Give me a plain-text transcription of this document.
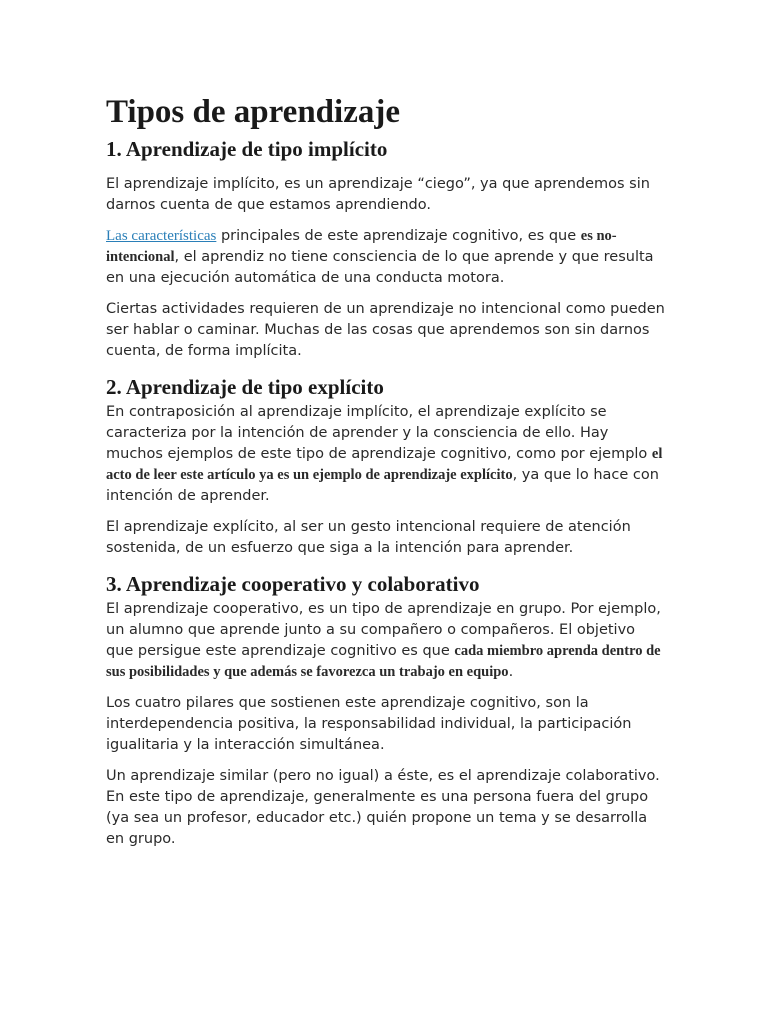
Tipos de aprendizaje
1. Aprendizaje de tipo implícito

El aprendizaje implícito, es un aprendizaje “ciego”, ya que aprendemos sin darnos cuenta de que estamos aprendiendo.

Las características principales de este aprendizaje cognitivo, es que es no-intencional, el aprendiz no tiene consciencia de lo que aprende y que resulta en una ejecución automática de una conducta motora.

Ciertas actividades requieren de un aprendizaje no intencional como pueden ser hablar o caminar. Muchas de las cosas que aprendemos son sin darnos cuenta, de forma implícita.

2. Aprendizaje de tipo explícito

En contraposición al aprendizaje implícito, el aprendizaje explícito se caracteriza por la intención de aprender y la consciencia de ello. Hay muchos ejemplos de este tipo de aprendizaje cognitivo, como por ejemplo el acto de leer este artículo ya es un ejemplo de aprendizaje explícito, ya que lo hace con intención de aprender.

El aprendizaje explícito, al ser un gesto intencional requiere de atención sostenida, de un esfuerzo que siga a la intención para aprender.

3. Aprendizaje cooperativo y colaborativo

El aprendizaje cooperativo, es un tipo de aprendizaje en grupo. Por ejemplo, un alumno que aprende junto a su compañero o compañeros. El objetivo que persigue este aprendizaje cognitivo es que cada miembro aprenda dentro de sus posibilidades y que además se favorezca un trabajo en equipo.

Los cuatro pilares que sostienen este aprendizaje cognitivo, son la interdependencia positiva, la responsabilidad individual, la participación igualitaria y la interacción simultánea.

Un aprendizaje similar (pero no igual) a éste, es el aprendizaje colaborativo. En este tipo de aprendizaje, generalmente es una persona fuera del grupo (ya sea un profesor, educador etc.) quién propone un tema y se desarrolla en grupo.
